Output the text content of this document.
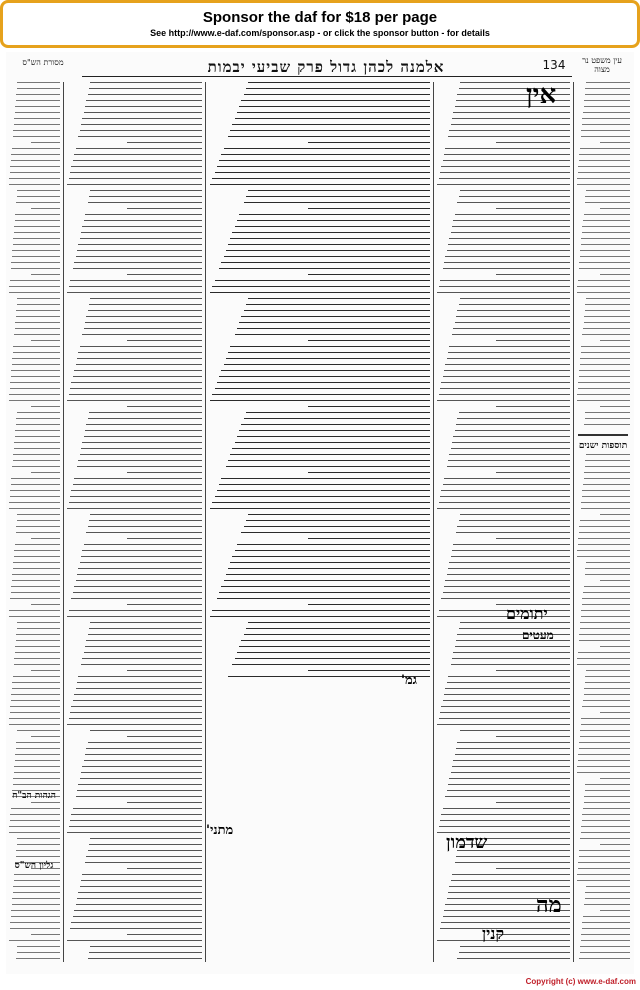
Sponsor the daf for $18 per page
See http://www.e-daf.com/sponsor.asp - or click the sponsor button - for details
מסורת הש"ס	אלמנה לכהן גדול פרק שביעי יבמות	134	עין משפט נר מצוה
תוספות ישנים
הגהות הב"ח
גליון הש"ס
אין
יתומים
מעטים
שדמון
מה
קנין
גמ'
מתני'
Copyright (c) www.e-daf.com
